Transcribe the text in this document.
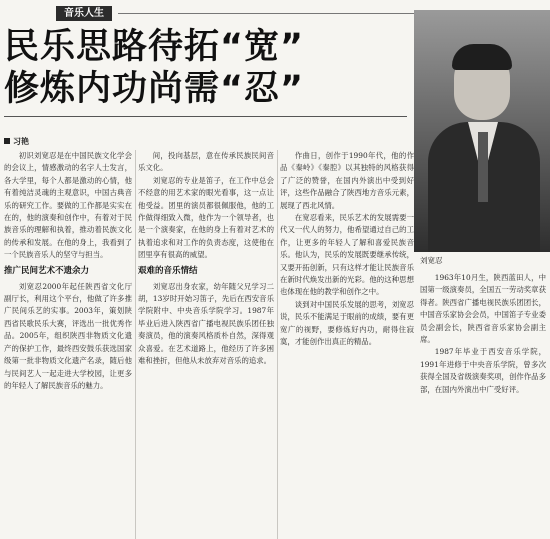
音乐人生
民乐思路待拓“宽”
修炼内功尚需“忍”
习艳

初识刘宽忍是在中国民族文化学会的会议上，情感激动的名字人士发言，各大学里，每个人都是激动的心情，他有着纯洁灵魂的主观意识，中国古典音乐的研究工作。要做的工作都是实实在在的，他的演奏和创作中，有着对于民族音乐的理解和执着，推动着民族文化的传承和发展。在他的身上，我看到了一个民族音乐人的坚守与担当。

推广民间艺术不遗余力

刘宽忍2000年起任陕西省文化厅副厅长，利用这个平台，他做了许多推广民间乐艺的实事。2003年，策划陕西省民歌民乐大赛，评选出一批优秀作品。2005年，组织陕西非物质文化遗产的保护工作，最终西安鼓乐获选国家级第一批非物质文化遗产名录，随后他与民间艺人一起走进大学校园，让更多的年轻人了解民族音乐的魅力。

间，投向基层，意在传承民族民间音乐文化。

刘宽忍的专业是笛子，在工作中总会不经意的用艺术家的眼光看事，这一点让他受益。团里的演员都很佩服他，他的工作做得细致入微，他作为一个领导者，也是一个演奏家，在他的身上有着对艺术的执着追求和对工作的负责态度，这使他在团里享有很高的威望。

艰难的音乐情结

刘宽忍出身农家，幼年随父兄学习二胡，13岁时开始习笛子，先后在西安音乐学院附中、中央音乐学院学习。1987年毕业后进入陕西省广播电视民族乐团任独奏演员，他的演奏风格质朴自然，深得观众喜爱。在艺术道路上，他经历了许多困难和挫折，但他从未放弃对音乐的追求。

作曲日，创作于1990年代，他的作品《秦岭》《秦腔》以其独特的风格获得了广泛的赞誉，在国内外演出中受到好评，这些作品融合了陕西地方音乐元素，展现了西北风情。

在宽忍看来，民乐艺术的发展需要一代又一代人的努力，他希望通过自己的工作，让更多的年轻人了解和喜爱民族音乐。他认为，民乐的发展既要继承传统，又要开拓创新，只有这样才能让民族音乐在新时代焕发出新的光彩。他的这种思想也体现在他的教学和创作之中。

谈到对中国民乐发展的思考，刘宽忍说，民乐不能满足于眼前的成绩，要有更宽广的视野，要修炼好内功，耐得住寂寞，才能创作出真正的精品。

刘宽忍

1963年10月生，陕西蓝田人，中国第一级演奏员，全国五一劳动奖章获得者。陕西省广播电视民族乐团团长，中国音乐家协会会员，中国笛子专业委员会副会长，陕西省音乐家协会副主席。

1987年毕业于西安音乐学院，1991年进修于中央音乐学院，曾多次获得全国及省级演奏奖项，创作作品多部，在国内外演出中广受好评。
